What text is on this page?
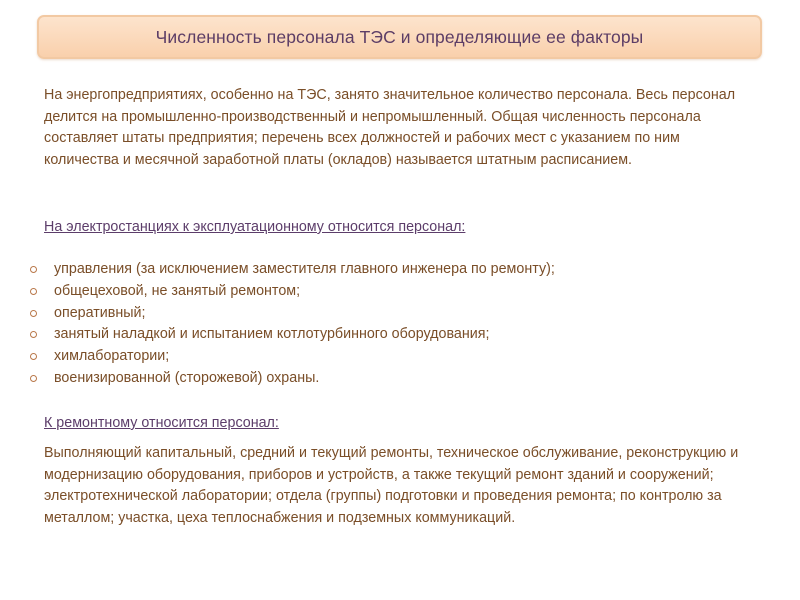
Численность персонала ТЭС и определяющие ее факторы

На энергопредприятиях, особенно на ТЭС, занято значительное количество персонала. Весь персонал делится на промышленно-производственный и непромышленный. Общая численность персонала составляет штаты предприятия; перечень всех должностей и рабочих мест с указанием по ним количества и месячной заработной платы (окладов) называется штатным расписанием.

На электростанциях к эксплуатационному относится персонал:

управления (за исключением заместителя главного инженера по ремонту);
общецеховой, не занятый ремонтом;
оперативный;
занятый наладкой и испытанием котлотурбинного оборудования;
химлаборатории;
военизированной (сторожевой) охраны.

К ремонтному относится персонал:

Выполняющий капитальный, средний и текущий ремонты, техническое обслуживание, реконструкцию и модернизацию оборудования, приборов и устройств, а также текущий ремонт зданий и сооружений; электротехнической лаборатории; отдела (группы) подготовки и проведения ремонта; по контролю за металлом; участка, цеха теплоснабжения и подземных коммуникаций.
